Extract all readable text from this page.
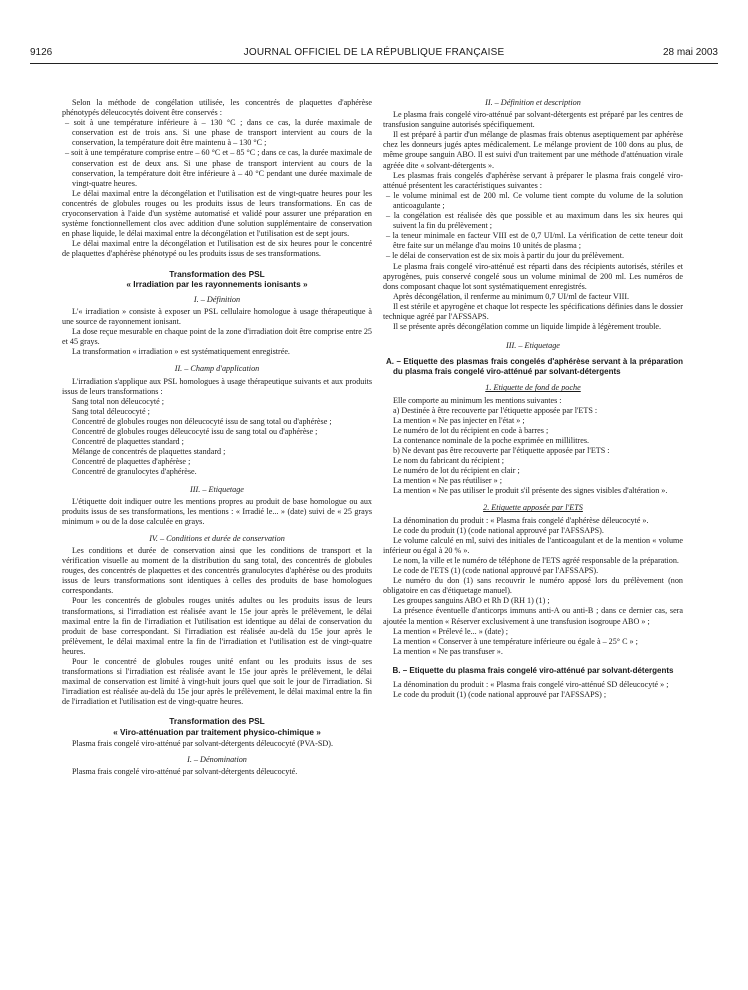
9126	JOURNAL OFFICIEL DE LA RÉPUBLIQUE FRANÇAISE	28 mai 2003

Selon la méthode de congélation utilisée, les concentrés de plaquettes d'aphérèse phénotypés déleucocytés doivent être conservés :

– soit à une température inférieure à – 130 °C ; dans ce cas, la durée maximale de conservation est de trois ans. Si une phase de transport intervient au cours de la conservation, la température doit être maintenu à – 130 °C ;

– soit à une température comprise entre – 60 °C et – 85 °C ; dans ce cas, la durée maximale de conservation est de deux ans. Si une phase de transport intervient au cours de la conservation, la température doit être inférieure à – 40 °C pendant une durée maximale de vingt-quatre heures.

Le délai maximal entre la décongélation et l'utilisation est de vingt-quatre heures pour les concentrés de globules rouges ou les produits issus de leurs transformations. En cas de cryoconservation à l'aide d'un système automatisé et validé pour assurer une préparation en système fonctionnellement clos avec addition d'une solution supplémentaire de conservation en phase liquide, le délai maximal entre la décongélation et l'utilisation est de sept jours.

Le délai maximal entre la décongélation et l'utilisation est de six heures pour le concentré de plaquettes d'aphérèse phénotypé ou les produits issus de ses transformations.

Transformation des PSL
« Irradiation par les rayonnements ionisants »
I. – Définition

L'« irradiation » consiste à exposer un PSL cellulaire homologue à usage thérapeutique à une source de rayonnement ionisant.

La dose reçue mesurable en chaque point de la zone d'irradiation doit être comprise entre 25 et 45 grays.

La transformation « irradiation » est systématiquement enregistrée.

II. – Champ d'application

L'irradiation s'applique aux PSL homologues à usage thérapeutique suivants et aux produits issus de leurs transformations :

Sang total non déleucocyté ;

Sang total déleucocyté ;

Concentré de globules rouges non déleucocyté issu de sang total ou d'aphérèse ;

Concentré de globules rouges déleucocyté issu de sang total ou d'aphérèse ;

Concentré de plaquettes standard ;

Mélange de concentrés de plaquettes standard ;

Concentré de plaquettes d'aphérèse ;

Concentré de granulocytes d'aphérèse.

III. – Etiquetage

L'étiquette doit indiquer outre les mentions propres au produit de base homologue ou aux produits issus de ses transformations, les mentions : « Irradié le... » (date) suivi de « 25 grays minimum » ou de la dose calculée en grays.

IV. – Conditions et durée de conservation

Les conditions et durée de conservation ainsi que les conditions de transport et la vérification visuelle au moment de la distribution du sang total, des concentrés de globules rouges, des concentrés de plaquettes et des concentrés granulocytes d'aphérèse ou des produits issus de leurs transformations sont identiques à celles des produits de base homologues correspondants.

Pour les concentrés de globules rouges unités adultes ou les produits issus de leurs transformations, si l'irradiation est réalisée avant le 15e jour après le prélèvement, le délai maximal entre la fin de l'irradiation et l'utilisation est identique au délai de conservation du produit de base correspondant. Si l'irradiation est réalisée au-delà du 15e jour après le prélèvement, le délai maximal entre la fin de l'irradiation et l'utilisation est de vingt-quatre heures.

Pour le concentré de globules rouges unité enfant ou les produits issus de ses transformations si l'irradiation est réalisée avant le 15e jour après le prélèvement, le délai maximal de conservation est limité à vingt-huit jours quel que soit le jour de l'irradiation. Si l'irradiation est réalisée au-delà du 15e jour après le prélèvement, le délai maximal entre la fin de l'irradiation et l'utilisation est de vingt-quatre heures.

Transformation des PSL
« Viro-atténuation par traitement physico-chimique »

Plasma frais congelé viro-atténué par solvant-détergents déleucocyté (PVA-SD).

I. – Dénomination

Plasma frais congelé viro-atténué par solvant-détergents déleucocyté.

II. – Définition et description

Le plasma frais congelé viro-atténué par solvant-détergents est préparé par les centres de transfusion sanguine autorisés spécifiquement.

Il est préparé à partir d'un mélange de plasmas frais obtenus aseptiquement par aphérèse chez les donneurs jugés aptes médicalement. Le mélange provient de 100 dons au plus, de même groupe sanguin ABO. Il est suivi d'un traitement par une méthode d'atténuation virale agréée dite « solvant-détergents ».

Les plasmas frais congelés d'aphérèse servant à préparer le plasma frais congelé viro-atténué présentent les caractéristiques suivantes :

– le volume minimal est de 200 ml. Ce volume tient compte du volume de la solution anticoagulante ;

– la congélation est réalisée dès que possible et au maximum dans les six heures qui suivent la fin du prélèvement ;

– la teneur minimale en facteur VIII est de 0,7 UI/ml. La vérification de cette teneur doit être faite sur un mélange d'au moins 10 unités de plasma ;

– le délai de conservation est de six mois à partir du jour du prélèvement.

Le plasma frais congelé viro-atténué est réparti dans des récipients autorisés, stériles et apyrogènes, puis conservé congelé sous un volume minimal de 200 ml. Les numéros de dons composant chaque lot sont systématiquement enregistrés.

Après décongélation, il renferme au minimum 0,7 UI/ml de facteur VIII.

Il est stérile et apyrogène et chaque lot respecte les spécifications définies dans le dossier technique agréé par l'AFSSAPS.

Il se présente après décongélation comme un liquide limpide à légèrement trouble.

III. – Etiquetage

A. – Etiquette des plasmas frais congelés d'aphérèse servant à la préparation du plasma frais congelé viro-atténué par solvant-détergents

1. Etiquette de fond de poche

Elle comporte au minimum les mentions suivantes :

a) Destinée à être recouverte par l'étiquette apposée par l'ETS :

La mention « Ne pas injecter en l'état » ;

Le numéro de lot du récipient en code à barres ;

La contenance nominale de la poche exprimée en millilitres.

b) Ne devant pas être recouverte par l'étiquette apposée par l'ETS :

Le nom du fabricant du récipient ;

Le numéro de lot du récipient en clair ;

La mention « Ne pas réutiliser » ;

La mention « Ne pas utiliser le produit s'il présente des signes visibles d'altération ».

2. Etiquette apposée par l'ETS

La dénomination du produit : « Plasma frais congelé d'aphérèse déleucocyté ».

Le code du produit (1) (code national approuvé par l'AFSSAPS).

Le volume calculé en ml, suivi des initiales de l'anticoagulant et de la mention « volume inférieur ou égal à 20 % ».

Le nom, la ville et le numéro de téléphone de l'ETS agréé responsable de la préparation.

Le code de l'ETS (1) (code national approuvé par l'AFSSAPS).

Le numéro du don (1) sans recouvrir le numéro apposé lors du prélèvement (non obligatoire en cas d'étiquetage manuel).

Les groupes sanguins ABO et Rh D (RH 1) (1) ;

La présence éventuelle d'anticorps immuns anti-A ou anti-B ; dans ce dernier cas, sera ajoutée la mention « Réserver exclusivement à une transfusion isogroupe ABO » ;

La mention « Prélevé le... » (date) ;

La mention « Conserver à une température inférieure ou égale à – 25° C » ;

La mention « Ne pas transfuser ».

B. – Etiquette du plasma frais congelé viro-atténué par solvant-détergents

La dénomination du produit : « Plasma frais congelé viro-atténué SD déleucocyté » ;

Le code du produit (1) (code national approuvé par l'AFSSAPS) ;
